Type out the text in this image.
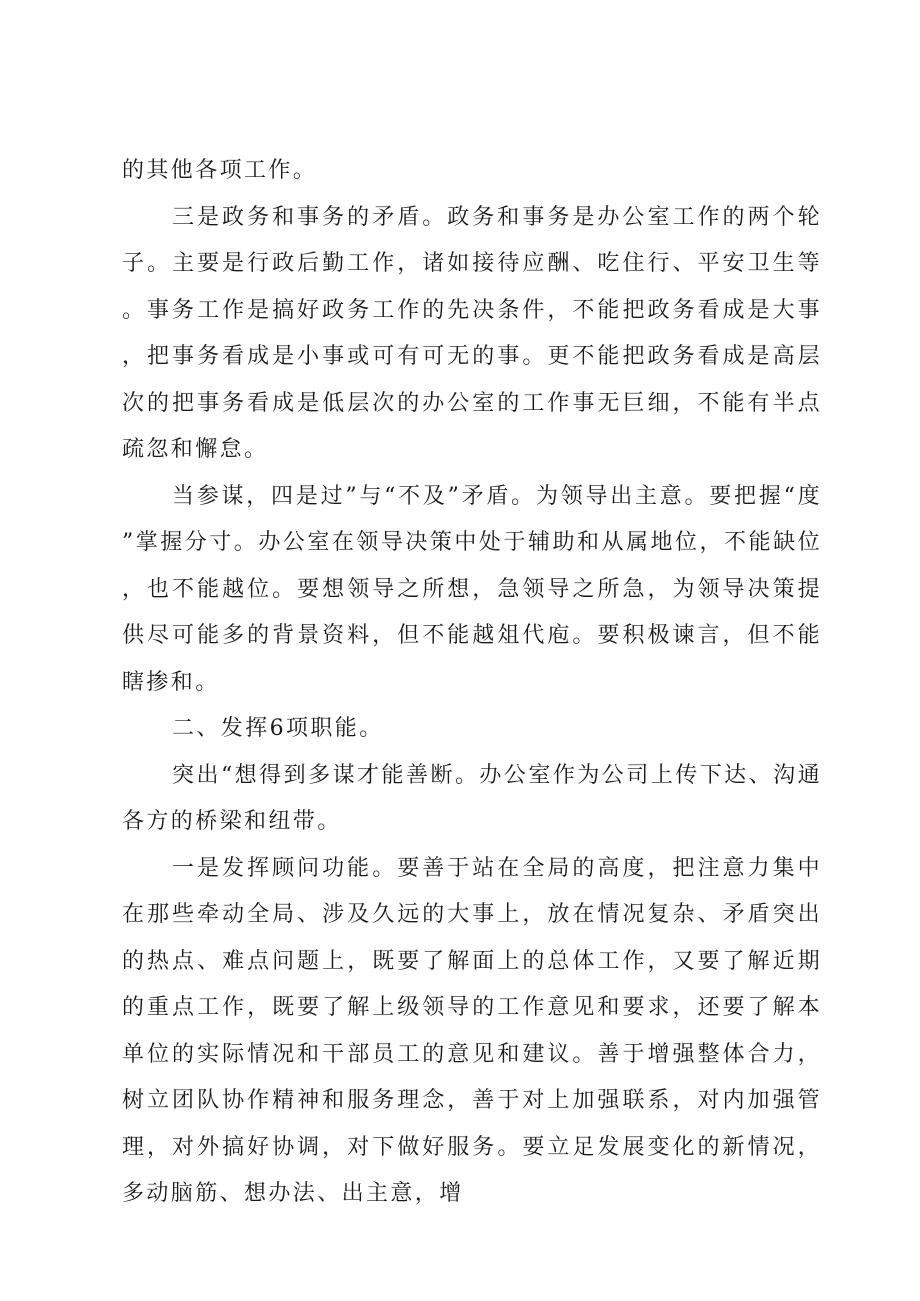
的其他各项工作。

三是政务和事务的矛盾。政务和事务是办公室工作的两个轮子。主要是行政后勤工作，诸如接待应酬、吃住行、平安卫生等。事务工作是搞好政务工作的先决条件，不能把政务看成是大事，把事务看成是小事或可有可无的事。更不能把政务看成是高层次的把事务看成是低层次的办公室的工作事无巨细，不能有半点疏忽和懈怠。

当参谋，四是过”与“不及”矛盾。为领导出主意。要把握“度”掌握分寸。办公室在领导决策中处于辅助和从属地位，不能缺位，也不能越位。要想领导之所想，急领导之所急，为领导决策提供尽可能多的背景资料，但不能越俎代庖。要积极谏言，但不能瞎掺和。

二、发挥6项职能。

突出“想得到多谋才能善断。办公室作为公司上传下达、沟通各方的桥梁和纽带。

一是发挥顾问功能。要善于站在全局的高度，把注意力集中在那些牵动全局、涉及久远的大事上，放在情况复杂、矛盾突出的热点、难点问题上，既要了解面上的总体工作，又要了解近期的重点工作，既要了解上级领导的工作意见和要求，还要了解本单位的实际情况和干部员工的意见和建议。善于增强整体合力，树立团队协作精神和服务理念，善于对上加强联系，对内加强管理，对外搞好协调，对下做好服务。要立足发展变化的新情况，多动脑筋、想办法、出主意，增
